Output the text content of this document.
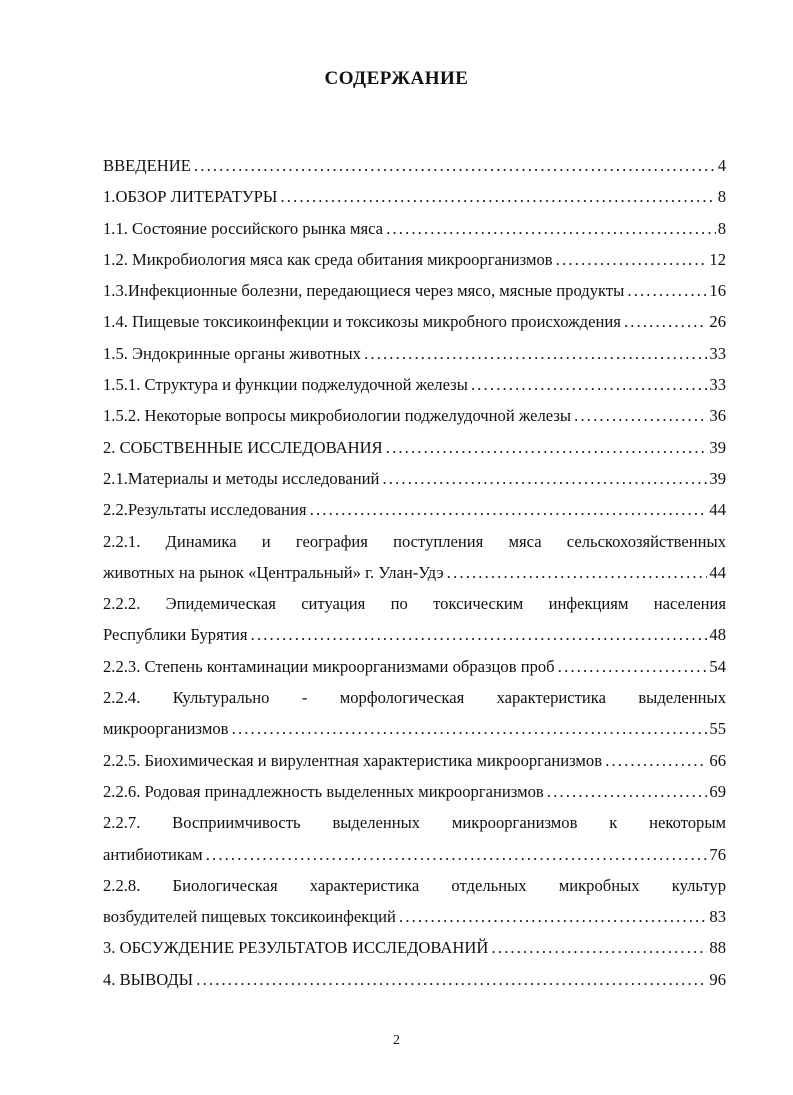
СОДЕРЖАНИЕ
ВВЕДЕНИЕ . . .	4
1.ОБЗОР ЛИТЕРАТУРЫ . . .	8
1.1. Состояние российского рынка мяса . . .	8
1.2. Микробиология мяса как среда обитания микроорганизмов . . .	12
1.3.Инфекционные болезни, передающиеся через мясо, мясные продукты . . .	16
1.4. Пищевые токсикоинфекции и токсикозы микробного происхождения . . .	26
1.5. Эндокринные органы животных . . .	33
1.5.1. Структура и функции поджелудочной железы . . .	33
1.5.2. Некоторые вопросы микробиологии поджелудочной железы . . .	36
2. СОБСТВЕННЫЕ ИССЛЕДОВАНИЯ . . .	39
2.1.Материалы и методы исследований . . .	39
2.2.Результаты исследования . . .	44
2.2.1. Динамика и география поступления мяса сельскохозяйственных
животных на рынок «Центральный» г. Улан-Удэ . . .	44
2.2.2. Эпидемическая ситуация по токсическим инфекциям населения
Республики Бурятия . . .	48
2.2.3. Степень контаминации микроорганизмами образцов проб . . .	54
2.2.4. Культурально - морфологическая характеристика выделенных
микроорганизмов . . .	55
2.2.5. Биохимическая и вирулентная характеристика микроорганизмов . . .	66
2.2.6. Родовая принадлежность выделенных микроорганизмов . . .	69
2.2.7. Восприимчивость выделенных микроорганизмов к некоторым
антибиотикам . . .	76
2.2.8. Биологическая характеристика отдельных микробных культур
возбудителей пищевых токсикоинфекций . . .	83
3. ОБСУЖДЕНИЕ РЕЗУЛЬТАТОВ ИССЛЕДОВАНИЙ . . .	88
4. ВЫВОДЫ . . .	96
2
